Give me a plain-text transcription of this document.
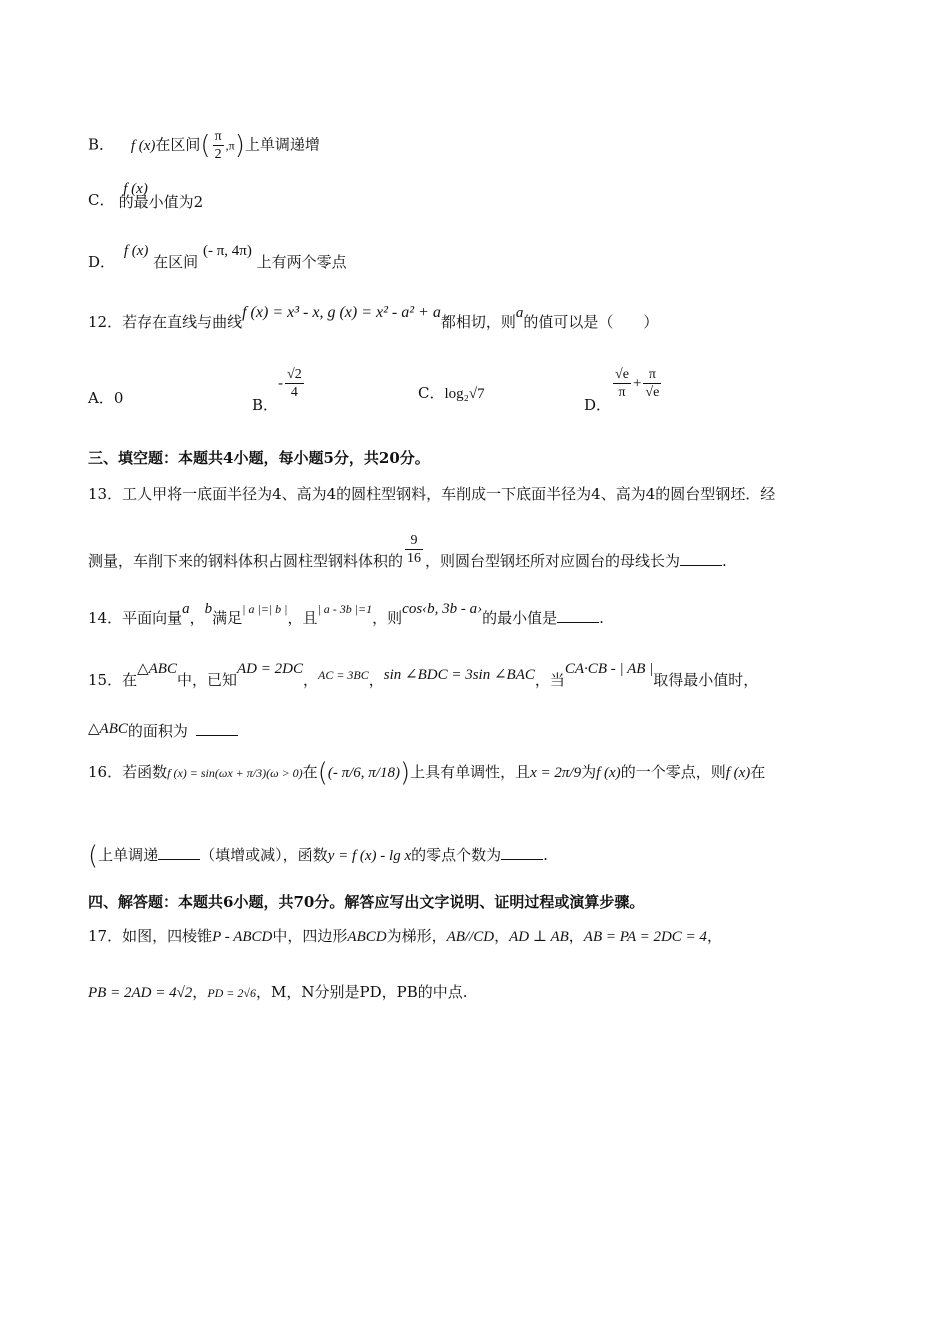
B． f (x)在区间( $\frac{\pi}{2} ,\pi$)上单调递增
C． f (x) 的最小值为2
D． f (x) 在区间 (- π, 4π) 上有两个零点
12．若存在直线与曲线f (x) = x³ - x, g (x) = x² - a² + a都相切，则a的值可以是（　　）
A．0	B．- $\frac{√2}{4}$	C．log₂√7
D．
$\frac{√e}{\pi} + \frac{\pi}{√e}$
三、填空题：本题共4小题，每小题5分，共20分。
13．工人甲将一底面半径为4、高为4的圆柱型钢料，车削成一下底面半径为4、高为4的圆台型钢坯．经
测量，车削下来的钢料体积占圆柱型钢料体积的 $\frac{9}{16}$ ，则圆台型钢坯所对应圆台的母线长为	.
14．平面向量a，b满足| a |=| b |，且| a - 3b |=1，则cos‹b, 3b - a›的最小值是	.
15．在△ABC中，已知AD = 2DC，$_{AC = 3BC}$，sin ∠BDC = 3sin ∠BAC，当CA·CB - | AB |取得最小值时，
△ABC的面积为
16．若函数f (x) = sin(ωx + π/3)(ω > 0)在((- π/6, π/18))上具有单调性，且x = 2π/9为f (x)的一个零点，则f (x)在
(上单调递	（填增或减），函数y = f (x) - lg x的零点个数为	.
四、解答题：本题共6小题，共70分。解答应写出文字说明、证明过程或演算步骤。
17．如图，四棱锥P - ABCD中，四边形ABCD为梯形，AB//CD，AD ⊥ AB，AB = PA = 2DC = 4，
PB = 2AD = 4√2，PD = 2√6，M，N分别是PD，PB的中点.
